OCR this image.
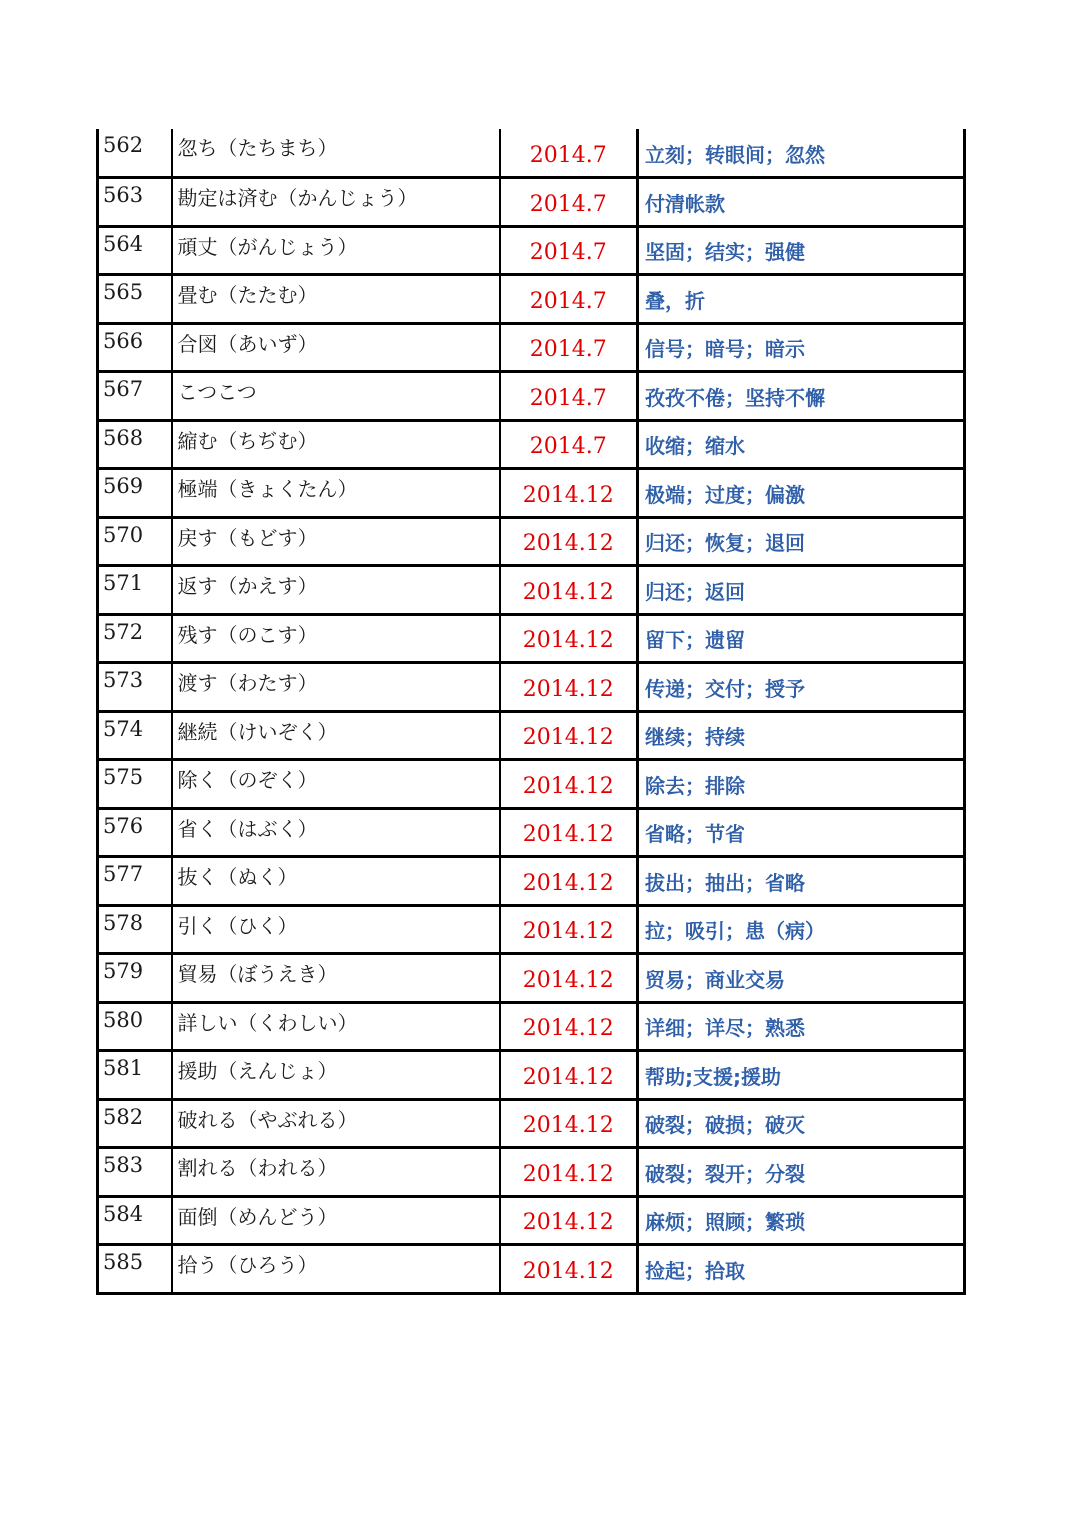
562	忽ち（たちまち）	2014.7	立刻；转眼间；忽然
563	勘定は済む（かんじょう）	2014.7	付清帐款
564	頑丈（がんじょう）	2014.7	坚固；结实；强健
565	畳む（たたむ）	2014.7	叠，折
566	合図（あいず）	2014.7	信号；暗号；暗示
567	こつこつ	2014.7	孜孜不倦；坚持不懈
568	縮む（ちぢむ）	2014.7	收缩；缩水
569	極端（きょくたん）	2014.12	极端；过度；偏激
570	戻す（もどす）	2014.12	归还；恢复；退回
571	返す（かえす）	2014.12	归还；返回
572	残す（のこす）	2014.12	留下；遗留
573	渡す（わたす）	2014.12	传递；交付；授予
574	継続（けいぞく）	2014.12	继续；持续
575	除く（のぞく）	2014.12	除去；排除
576	省く（はぶく）	2014.12	省略；节省
577	抜く（ぬく）	2014.12	拔出；抽出；省略
578	引く（ひく）	2014.12	拉；吸引；患（病）
579	貿易（ぼうえき）	2014.12	贸易；商业交易
580	詳しい（くわしい）	2014.12	详细；详尽；熟悉
581	援助（えんじょ）	2014.12	帮助;支援;援助
582	破れる（やぶれる）	2014.12	破裂；破损；破灭
583	割れる（われる）	2014.12	破裂；裂开；分裂
584	面倒（めんどう）	2014.12	麻烦；照顾；繁琐
585	拾う（ひろう）	2014.12	捡起；拾取
